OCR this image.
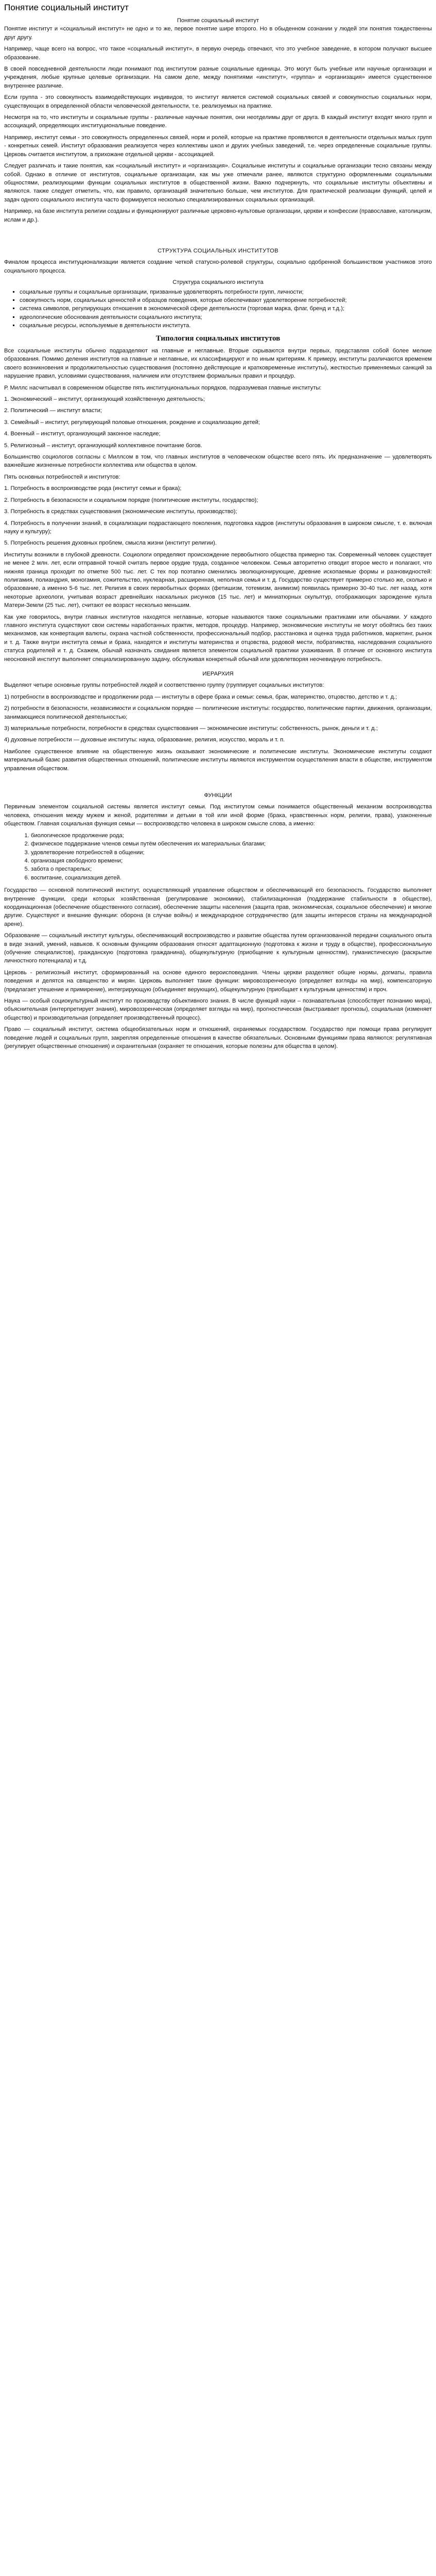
Понятие социальный институт
Понятие социальный институт

Понятие институт и «социальный институт» не одно и то же, первое понятие шире второго. Но в обыденном сознании у людей эти понятия тождественны друг другу.

Например, чаще всего на вопрос, что такое «социальный институт», в первую очередь отвечают, что это учебное заведение, в котором получают высшее образование.

В своей повседневной деятельности люди понимают под институтом разные социальные единицы. Это могут быть учебные или научные организации и учреждения, любые крупные целевые организации. На самом деле, между понятиями «институт», «группа» и «организация» имеется существенное внутреннее различие.

Если группа - это совокупность взаимодействующих индивидов, то институт является системой социальных связей и совокупностью социальных норм, существующих в определенной области человеческой деятельности, т.е. реализуемых на практике.

Несмотря на то, что институты и социальные группы - различные научные понятия, они неотделимы друг от друга. В каждый институт входят много групп и ассоциаций, определяющих институциональные поведение.

Например, институт семьи - это совокупность определенных связей, норм и ролей, которые на практике проявляются в деятельности отдельных малых групп - конкретных семей. Институт образования реализуется через коллективы школ и других учебных заведений, т.е. через определенные социальные группы. Церковь считается институтом, а прихожане отдельной церкви - ассоциацией.

Следует различать и такие понятия, как «социальный институт» и «организация». Социальные институты и социальные организации тесно связаны между собой. Однако в отличие от институтов, социальные организации, как мы уже отмечали ранее, являются структурно оформленными социальными общностями, реализующими функции социальных институтов в общественной жизни. Важно подчеркнуть, что социальные институты объективны и являются. также следует отметить, что, как правило, организаций значительно больше, чем институтов. Для практической реализации функций, целей и задач одного социального института часто формируется несколько специализированных социальных организаций.

Например, на базе института религии созданы и функционируют различные церковно-культовые организации, церкви и конфессии (православие, католицизм, ислам и др.).

СТРУКТУРА СОЦИАЛЬНЫХ ИНСТИТУТОВ

Финалом процесса институционализации является создание четкой статусно-ролевой структуры, социально одобренной большинством участников этого социального процесса.

Структура социального института
▪ социальные группы и социальные организации, призванные удовлетворять потребности групп, личности;
▪ совокупность норм, социальных ценностей и образцов поведения, которые обеспечивают удовлетворение потребностей;
▪ система символов, регулирующих отношения в экономической сфере деятельности (торговая марка, флаг, бренд и т.д.);
▪ идеологические обоснования деятельности социального института;
▪ социальные ресурсы, используемые в деятельности института.
Типология социальных институтов

Все социальные институты обычно подразделяют на главные и неглавные. Вторые скрываются внутри первых, представляя собой более мелкие образования. Помимо деления институтов на главные и неглавные, их классифицируют и по иным критериям. К примеру, институты различаются временем своего возникновения и продолжительностью существования (постоянно действующие и кратковременные институты), жесткостью применяемых санкций за нарушение правил, условиями существования, наличием или отсутствием формальных правил и процедур.

Р. Миллс насчитывал в современном обществе пять институциональных порядков, подразумевая главные институты:

1. Экономический – институт, организующий хозяйственную деятельность;

2. Политический — институт власти;

3. Семейный – институт, регулирующий половые отношения, рождение и социализацию детей;

4. Военный – институт, организующий законное наследие;

5. Религиозный – институт, организующий коллективное почитание богов.

Большинство социологов согласны с Миллсом в том, что главных институтов в человеческом обществе всего пять. Их предназначение — удовлетворять важнейшие жизненные потребности коллектива или общества в целом.

Пять основных потребностей и институтов:

1. Потребность в воспроизводстве рода (институт семьи и брака);

2. Потребность в безопасности и социальном порядке (политические институты, государство);

3. Потребность в средствах существования (экономические институты, производство);

4. Потребность в получении знаний, в социализации подрастающего поколения, подготовка кадров (институты образования в широком смысле, т. е. включая науку и культуру);

5. Потребность решения духовных проблем, смысла жизни (институт религии).

Институты возникли в глубокой древности. Социологи определяют происхождение первобытного общества примерно так. Современный человек существует не менее 2 млн. лет, если отправной точкой считать первое орудие труда, созданное человеком. Семья авторитетно отводит второе место и полагают, что нижняя граница проходит по отметке 500 тыс. лет. С тех пор поэтапно сменились эволюционирующие, древние ископаемые формы и разновидностей: полигамия, полиандрия, моногамия, сожительство, нуклеарная, расширенная, неполная семья и т. д. Государство существует примерно столько же, сколько и образование, а именно 5-6 тыс. лет. Религия в своих первобытных формах (фетишизм, тотемизм, анимизм) появилась примерно 30-40 тыс. лет назад, хотя некоторые археологи, учитывая возраст древнейших наскальных рисунков (15 тыс. лет) и миниатюрных скульптур, отображающих зарождение культа Матери-Земли (25 тыс. лет), считают ее возраст несколько меньшим.

Как уже говорилось, внутри главных институтов находятся неглавные, которые называются также социальными практиками или обычаями. У каждого главного института существуют свои системы наработанных практик, методов, процедур. Например, экономические институты не могут обойтись без таких механизмов, как конвертация валюты, охрана частной собственности, профессиональный подбор, расстановка и оценка труда работников, маркетинг, рынок и т. д. Также внутри института семьи и брака, находятся и институты материнства и отцовства, родовой мести, побратимства, наследования социального статуса родителей и т. д. Скажем, обычай назначать свидания является элементом социальной практики ухаживания. В отличие от основного института неосновной институт выполняет специализированную задачу, обслуживая конкретный обычай или удовлетворяя неочевидную потребность.

ИЕРАРХИЯ

Выделяют четыре основные группы потребностей людей и соответственно группу (группирует социальных институтов:

1) потребности в воспроизводстве и продолжении рода — институты в сфере брака и семьи: семья, брак, материнство, отцовство, детство и т. д.;

2) потребности в безопасности, независимости и социальном порядке — политические институты: государство, политические партии, движения, организации, занимающиеся политической деятельностью;

3) материальные потребности, потребности в средствах существования — экономические институты: собственность, рынок, деньги и т. д.;

4) духовные потребности — духовные институты: наука, образование, религия, искусство, мораль и т. п.

Наиболее существенное влияние на общественную жизнь оказывают экономические и политические институты. Экономические институты создают материальный базис развития общественных отношений, политические институты являются инструментом осуществления власти в обществе, инструментом управления обществом.

ФУНКЦИИ

Первичным элементом социальной системы является институт семьи. Под институтом семьи понимается общественный механизм воспроизводства человека, отношения между мужем и женой, родителями и детьми в той или иной форме (брака, нравственных норм, религии, права), узаконенные обществом. Главная социальная функция семьи — воспроизводство человека в широком смысле слова, а именно:

1. биологическое продолжение рода;
2. физическое поддержание членов семьи путём обеспечения их материальных благами;
3. удовлетворение потребностей в общении;
4. организация свободного времени;
5. забота о престарелых;
6. воспитание, социализация детей.

Государство — основной политический институт, осуществляющий управление обществом и обеспечивающий его безопасность. Государство выполняет внутренние функции, среди которых хозяйственная (регулирование экономики), стабилизационная (поддержание стабильности в обществе), координационная (обеспечение общественного согласия), обеспечение защиты населения (защита прав, экономическая, социальное обеспечение) и многие другие. Существуют и внешние функции: оборона (в случае войны) и международное сотрудничество (для защиты интересов страны на международной арене).

Образование — социальный институт культуры, обеспечивающий воспроизводство и развитие общества путем организованной передачи социального опыта в виде знаний, умений, навыков. К основным функциям образования относят адаптационную (подготовка к жизни и труду в обществе), профессиональную (обучение специалистов), гражданскую (подготовка гражданина), общекультурную (приобщение к культурным ценностям), гуманистическую (раскрытие личностного потенциала) и т.д.

Церковь - религиозный институт, сформированный на основе единого вероисповедания. Члены церкви разделяют общие нормы, догматы, правила поведения и делятся на священство и мирян. Церковь выполняет такие функции: мировоззренческую (определяет взгляды на мир), компенсаторную (предлагает утешение и примирение), интегрирующую (объединяет верующих), общекультурную (приобщает к культурным ценностям) и проч.

Наука — особый социокультурный институт по производству объективного знания. В числе функций науки – познавательная (способствует познанию мира), объяснительная (интерпретирует знания), мировоззренческая (определяет взгляды на мир), прогностическая (выстраивает прогнозы), социальная (изменяет общество) и производительная (определяет производственный процесс).

Право — социальный институт, система общеобязательных норм и отношений, охраняемых государством. Государство при помощи права регулирует поведение людей и социальных групп, закрепляя определенные отношения в качестве обязательных. Основными функциями права являются: регулятивная (регулирует общественные отношения) и охранительная (охраняет те отношения, которые полезны для общества в целом).
